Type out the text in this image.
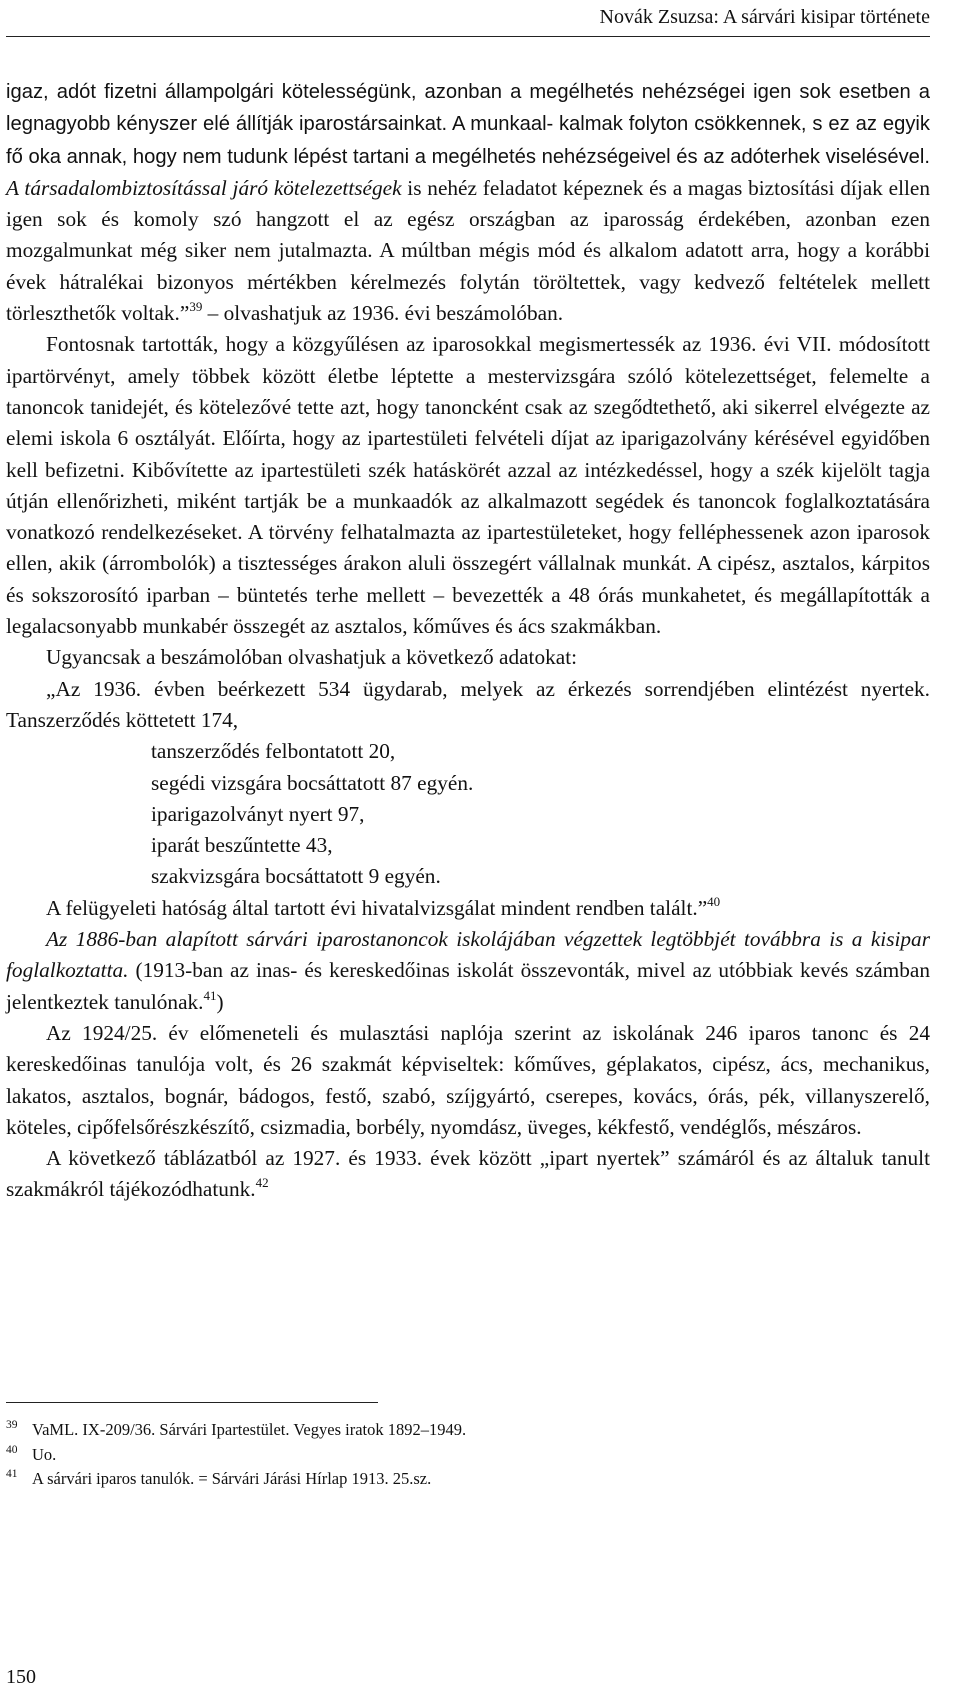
Novák Zsuzsa: A sárvári kisipar története

igaz, adót fizetni állampolgári kötelességünk, azonban a megélhetés nehézségei igen sok esetben a legnagyobb kényszer elé állítják iparostársainkat. A munkaal- kalmak folyton csökkennek, s ez az egyik fő oka annak, hogy nem tudunk lépést tartani a megélhetés nehézségeivel és az adóterhek viselésével. A társadalombiztosítással járó kötelezettségek is nehéz feladatot képeznek és a magas biztosítási díjak ellen igen sok és komoly szó hangzott el az egész országban az iparosság érdekében, azonban ezen mozgalmunkat még siker nem jutalmazta. A múltban mégis mód és alkalom adatott arra, hogy a korábbi évek hátralékai bizonyos mértékben kérelmezés folytán töröltettek, vagy kedvező feltételek mellett törleszthetők voltak.”$^{39}$ – olvashatjuk az 1936. évi beszámolóban.

Fontosnak tartották, hogy a közgyűlésen az iparosokkal megismertessék az 1936. évi VII. módosított ipartörvényt, amely többek között életbe léptette a mestervizsgára szóló kötelezettséget, felemelte a tanoncok tanidejét, és kötelezővé tette azt, hogy tanoncként csak az szegődtethető, aki sikerrel elvégezte az elemi iskola 6 osztályát. Előírta, hogy az ipartestületi felvételi díjat az iparigazolvány kérésével egyidőben kell befizetni. Kibővítette az ipartestületi szék hatáskörét azzal az intézkedéssel, hogy a szék kijelölt tagja útján ellenőrizheti, miként tartják be a munkaadók az alkalmazott segédek és tanoncok foglalkoztatására vonatkozó rendelkezéseket. A törvény felhatalmazta az ipartestületeket, hogy felléphessenek azon iparosok ellen, akik (árrombolók) a tisztességes árakon aluli összegért vállalnak munkát. A cipész, asztalos, kárpitos és sokszorosító iparban – büntetés terhe mellett – bevezették a 48 órás munkahetet, és megállapították a legalacsonyabb munkabér összegét az asztalos, kőműves és ács szakmákban.

Ugyancsak a beszámolóban olvashatjuk a következő adatokat:

„Az 1936. évben beérkezett 534 ügydarab, melyek az érkezés sorrendjében elintézést nyertek. Tanszerződés köttetett 174,

tanszerződés felbontatott 20,
segédi vizsgára bocsáttatott 87 egyén.
iparigazolványt nyert 97,
iparát beszűntette 43,
szakvizsgára bocsáttatott 9 egyén.

A felügyeleti hatóság által tartott évi hivatalvizsgálat mindent rendben talált.”$^{40}$

Az 1886-ban alapított sárvári iparostanoncok iskolájában végzettek legtöbbjét továbbra is a kisipar foglalkoztatta. (1913-ban az inas- és kereskedőinas iskolát összevonták, mivel az utóbbiak kevés számban jelentkeztek tanulónak.$^{41}$)

Az 1924/25. év előmeneteli és mulasztási naplója szerint az iskolának 246 iparos tanonc és 24 kereskedőinas tanulója volt, és 26 szakmát képviseltek: kőműves, géplakatos, cipész, ács, mechanikus, lakatos, asztalos, bognár, bádogos, festő, szabó, szíjgyártó, cserepes, kovács, órás, pék, villanyszerelő, köteles, cipőfelsőrészkészítő, csizmadia, borbély, nyomdász, üveges, kékfestő, vendéglős, mészáros.

A következő táblázatból az 1927. és 1933. évek között „ipart nyertek” számáról és az általuk tanult szakmákról tájékozódhatunk.$^{42}$

39 VaML. IX-209/36. Sárvári Ipartestület. Vegyes iratok 1892–1949.

40 Uo.

41 A sárvári iparos tanulók. = Sárvári Járási Hírlap 1913. 25.sz.

150
